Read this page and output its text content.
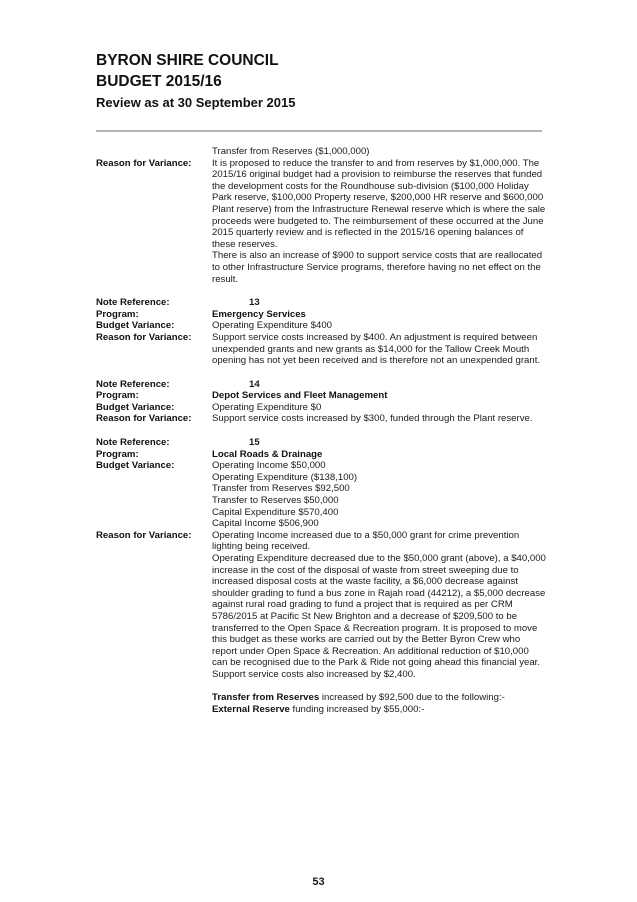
BYRON SHIRE COUNCIL
BUDGET 2015/16
Review as at 30 September 2015
Transfer from Reserves ($1,000,000)
Reason for Variance:	It is proposed to reduce the transfer to and from reserves by $1,000,000. The 2015/16 original budget had a provision to reimburse the reserves that funded the development costs for the Roundhouse sub-division ($100,000 Holiday Park reserve, $100,000 Property reserve, $200,000 HR reserve and $600,000 Plant reserve) from the Infrastructure Renewal reserve which is where the sale proceeds were budgeted to. The reimbursement of these occurred at the June 2015 quarterly review and is reflected in the 2015/16 opening balances of these reserves.

There is also an increase of $900 to support service costs that are reallocated to other Infrastructure Service programs, therefore having no net effect on the result.

Note Reference:	13
Program:	Emergency Services
Budget Variance:	Operating Expenditure $400
Reason for Variance:	Support service costs increased by $400. An adjustment is required between unexpended grants and new grants as $14,000 for the Tallow Creek Mouth opening has not yet been received and is therefore not an unexpended grant.
Note Reference:	14
Program:	Depot Services and Fleet Management
Budget Variance:	Operating Expenditure $0
Reason for Variance:	Support service costs increased by $300, funded through the Plant reserve.
Note Reference:	15
Program:	Local Roads & Drainage
Budget Variance:	Operating Income $50,000

Operating Expenditure ($138,100)

Transfer from Reserves $92,500

Transfer to Reserves $50,000

Capital Expenditure $570,400

Capital Income $506,900

Reason for Variance:	Operating Income increased due to a $50,000 grant for crime prevention lighting being received.

Operating Expenditure decreased due to the $50,000 grant (above), a $40,000 increase in the cost of the disposal of waste from street sweeping due to increased disposal costs at the waste facility, a $6,000 decrease against shoulder grading to fund a bus zone in Rajah road (44212), a $5,000 decrease against rural road grading to fund a project that is required as per CRM 5786/2015 at Pacific St New Brighton and a decrease of $209,500 to be transferred to the Open Space & Recreation program. It is proposed to move this budget as these works are carried out by the Better Byron Crew who report under Open Space & Recreation. An additional reduction of $10,000 can be recognised due to the Park & Ride not going ahead this financial year.

Support service costs also increased by $2,400.

Transfer from Reserves increased by $92,500 due to the following:-

External Reserve funding increased by $55,000:-

53
